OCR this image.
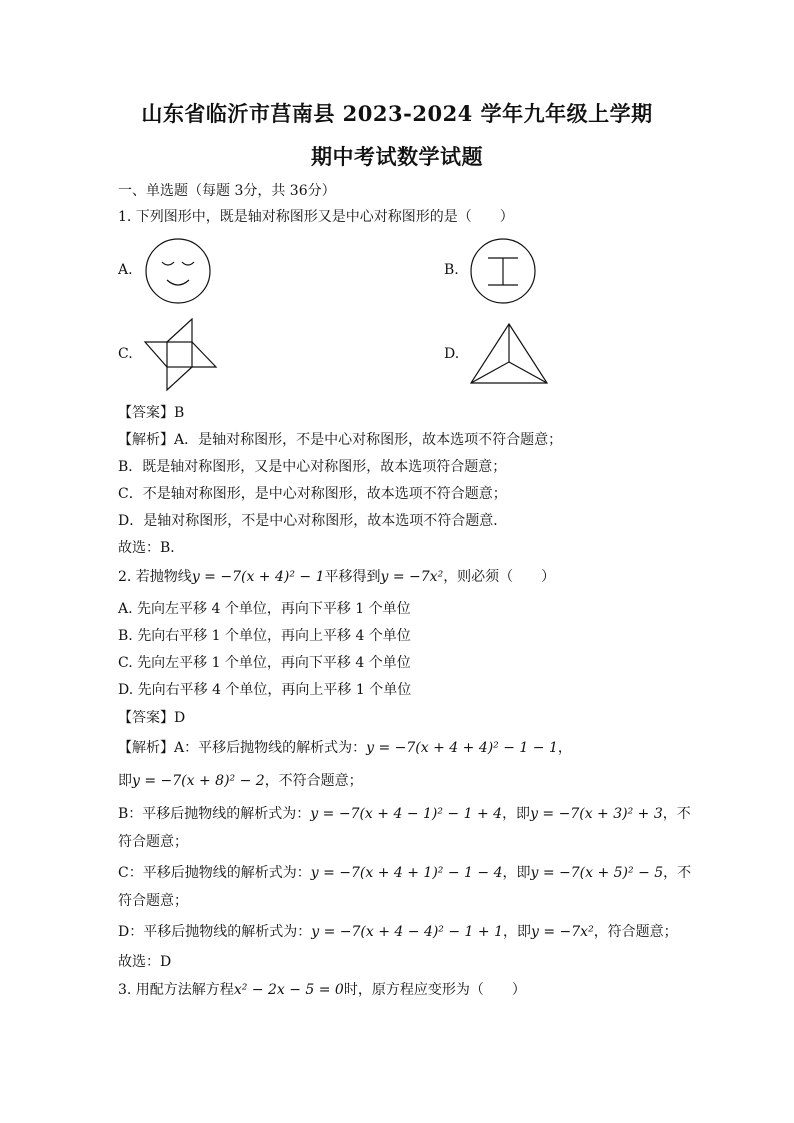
山东省临沂市莒南县 2023-2024 学年九年级上学期
期中考试数学试题
一、单选题（每题 3分，共 36分）
1. 下列图形中，既是轴对称图形又是中心对称图形的是（　　）
A.	B.
C.	D.
【答案】B
【解析】A．是轴对称图形，不是中心对称图形，故本选项不符合题意；
B．既是轴对称图形，又是中心对称图形，故本选项符合题意；
C．不是轴对称图形，是中心对称图形，故本选项不符合题意；
D．是轴对称图形，不是中心对称图形，故本选项不符合题意．
故选：B．
2. 若抛物线y = −7(x + 4)² − 1平移得到y = −7x²，则必须（　　）
A. 先向左平移 4 个单位，再向下平移 1 个单位
B. 先向右平移 1 个单位，再向上平移 4 个单位
C. 先向左平移 1 个单位，再向下平移 4 个单位
D. 先向右平移 4 个单位，再向上平移 1 个单位
【答案】D
【解析】A：平移后抛物线的解析式为：y = −7(x + 4 + 4)² − 1 − 1，
即y = −7(x + 8)² − 2，不符合题意；
B：平移后抛物线的解析式为：y = −7(x + 4 − 1)² − 1 + 4，即y = −7(x + 3)² + 3，不
符合题意；
C：平移后抛物线的解析式为：y = −7(x + 4 + 1)² − 1 − 4，即y = −7(x + 5)² − 5，不
符合题意；
D：平移后抛物线的解析式为：y = −7(x + 4 − 4)² − 1 + 1，即y = −7x²，符合题意；
故选：D
3. 用配方法解方程x² − 2x − 5 = 0时，原方程应变形为（　　）
